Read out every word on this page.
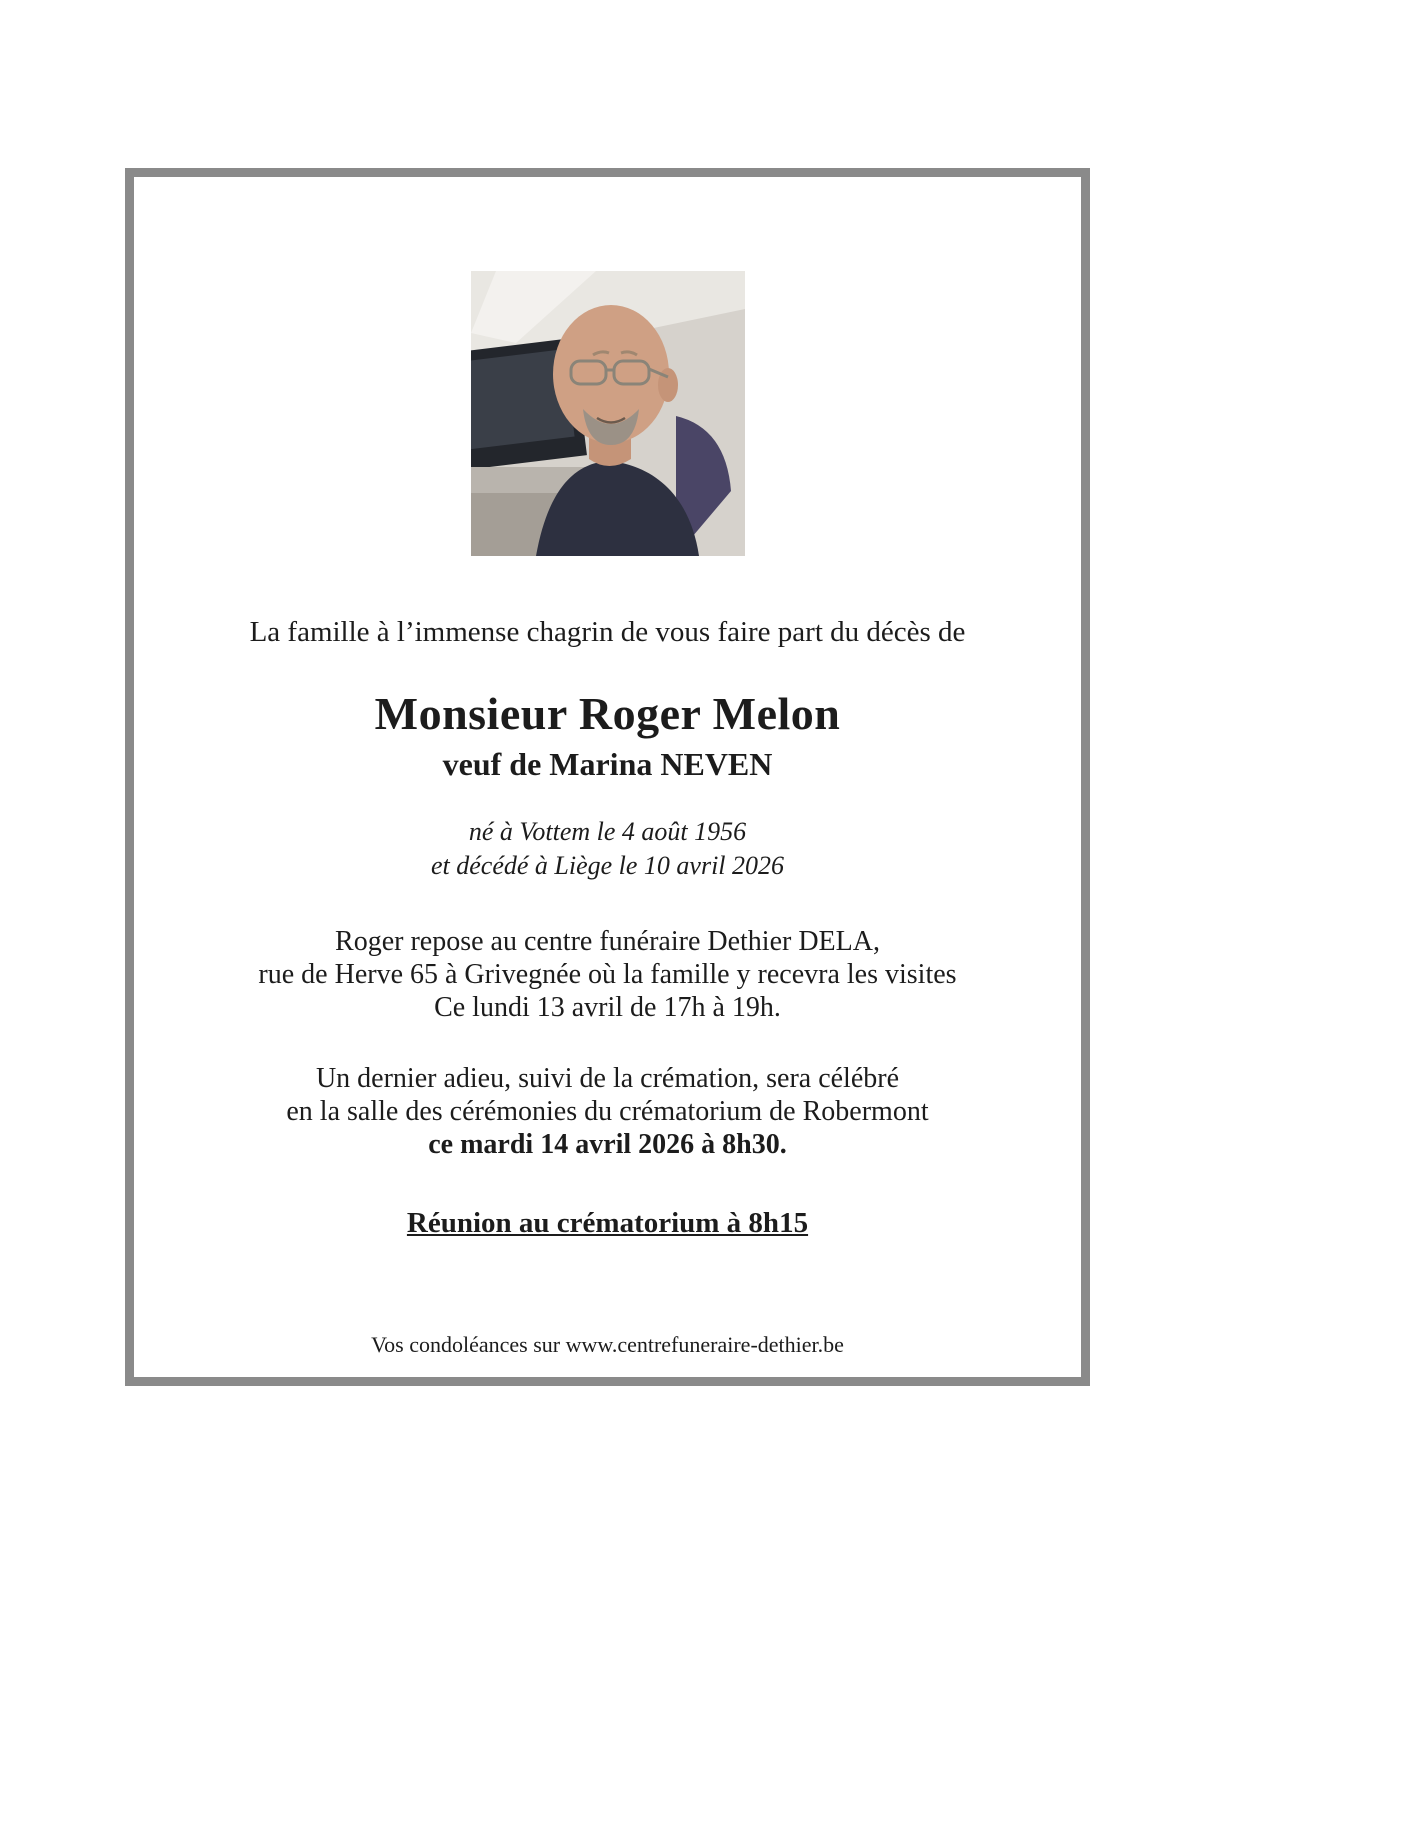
La famille à l’immense chagrin de vous faire part du décès de

Monsieur Roger Melon
veuf de Marina NEVEN

né à Vottem le 4 août 1956

et décédé à Liège le 10 avril 2026

Roger repose au centre funéraire Dethier DELA,

rue de Herve 65 à Grivegnée où la famille y recevra les visites

Ce lundi 13 avril de 17h à 19h.

Un dernier adieu, suivi de la crémation, sera célébré

en la salle des cérémonies du crématorium de Robermont

ce mardi 14 avril 2026 à 8h30.

Réunion au crématorium à 8h15

Vos condoléances sur www.centrefuneraire-dethier.be
